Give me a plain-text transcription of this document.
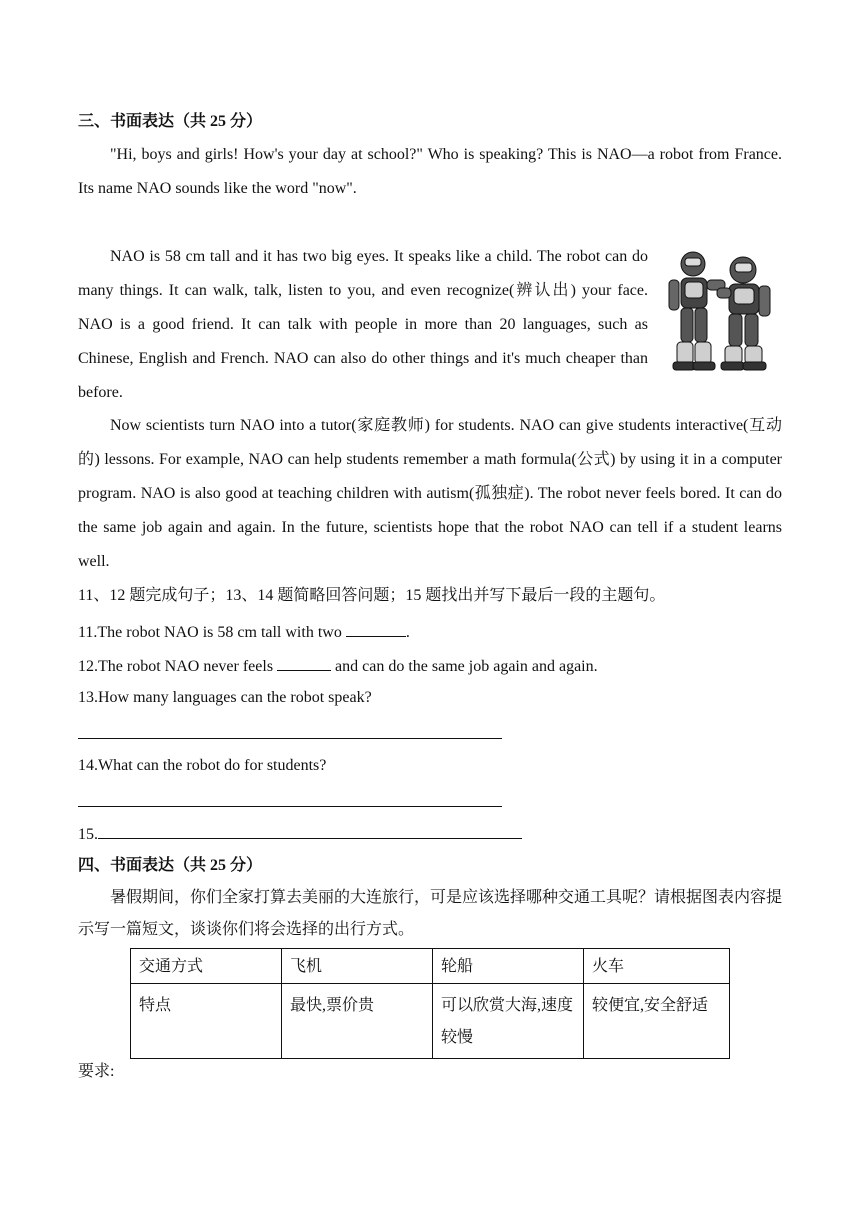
三、书面表达（共 25 分）
"Hi, boys and girls! How's your day at school?" Who is speaking? This is NAO—a robot from France. Its name NAO sounds like the word "now".
NAO is 58 cm tall and it has two big eyes. It speaks like a child. The robot can do many things. It can walk, talk, listen to you, and even recognize(辨认出) your face. NAO is a good friend. It can talk with people in more than 20 languages, such as Chinese, English and French. NAO can also do other things and it's much cheaper than before.
Now scientists turn NAO into a tutor(家庭教师) for students. NAO can give students interactive(互动的) lessons. For example, NAO can help students remember a math formula(公式) by using it in a computer program. NAO is also good at teaching children with autism(孤独症). The robot never feels bored. It can do the same job again and again. In the future, scientists hope that the robot NAO can tell if a student learns well.
11、12 题完成句子；13、14 题简略回答问题；15 题找出并写下最后一段的主题句。
11.The robot NAO is 58 cm tall with two	.
12.The robot NAO never feels	and can do the same job again and again.
13.How many languages can the robot speak?
14.What can the robot do for students?
15.
四、书面表达（共 25 分）
暑假期间，你们全家打算去美丽的大连旅行，可是应该选择哪种交通工具呢？请根据图表内容提示写一篇短文，谈谈你们将会选择的出行方式。
交通方式	飞机	轮船	火车
特点	最快,票价贵	可以欣赏大海,速度较慢	较便宜,安全舒适
要求:
